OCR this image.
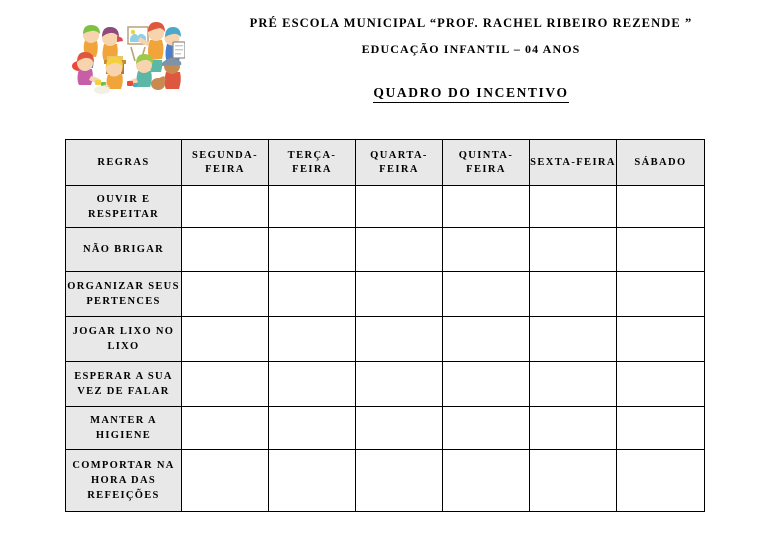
PRÉ ESCOLA MUNICIPAL “PROF. RACHEL RIBEIRO REZENDE ”
EDUCAÇÃO INFANTIL – 04 ANOS
QUADRO DO INCENTIVO
REGRAS	SEGUNDA-FEIRA	TERÇA-FEIRA	QUARTA-FEIRA	QUINTA-FEIRA	SEXTA-FEIRA	SÁBADO
OUVIR E RESPEITAR						
NÃO BRIGAR						
ORGANIZAR SEUS PERTENCES						
JOGAR LIXO NO LIXO						
ESPERAR A SUA VEZ DE FALAR						
MANTER A HIGIENE						
COMPORTAR NA HORA DAS REFEIÇÕES						
